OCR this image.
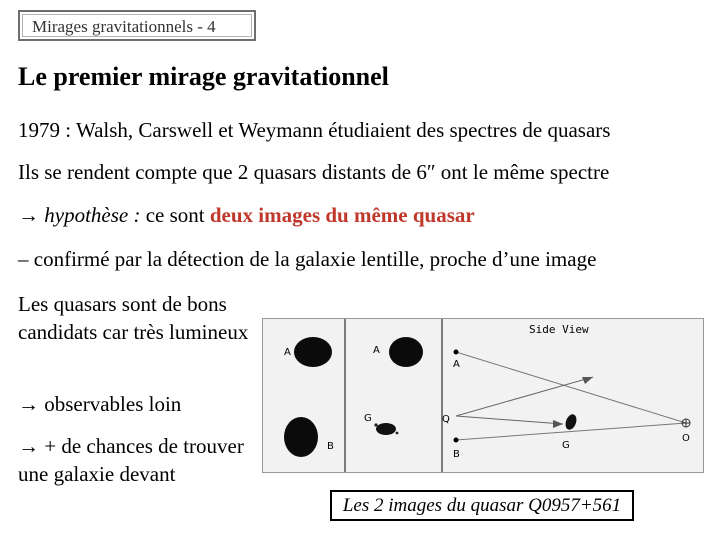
Mirages gravitationnels - 4
Le premier mirage gravitationnel
1979 : Walsh, Carswell et Weymann étudiaient des spectres de quasars
Ils se rendent compte que 2 quasars distants de 6″ ont le même spectre
→ hypothèse : ce sont deux images du même quasar
– confirmé par la détection de la galaxie lentille, proche d’une image
Les quasars sont de bons candidats car très lumineux
→ observables loin
→ + de chances de trouver une galaxie devant
A
B
A
G
Side View
A
Q
B
G
O
Les 2 images du quasar Q0957+561
